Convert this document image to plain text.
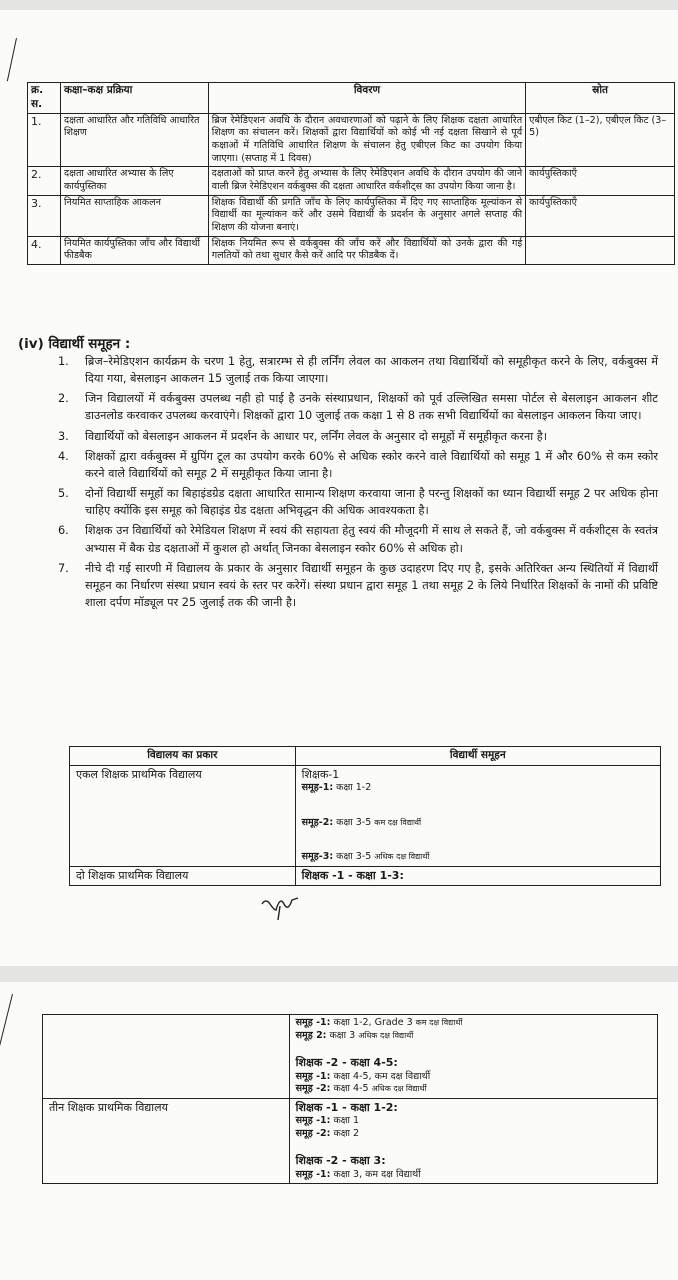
क्र. स.	कक्षा–कक्ष प्रक्रिया	विवरण	स्रोत
1.	दक्षता आधारित और गतिविधि आधारित शिक्षण	ब्रिज रेमेडिएशन अवधि के दौरान अवधारणाओं को पढ़ाने के लिए शिक्षक दक्षता आधारित शिक्षण का संचालन करें। शिक्षकों द्वारा विद्यार्थियों को कोई भी नई दक्षता सिखाने से पूर्व कक्षाओं में गतिविधि आधारित शिक्षण के संचालन हेतु एबीएल किट का उपयोग किया जाएगा। (सप्ताह में 1 दिवस)	एबीएल किट (1–2), एबीएल किट (3–5)
2.	दक्षता आधारित अभ्यास के लिए कार्यपुस्तिका	दक्षताओं को प्राप्त करने हेतु अभ्यास के लिए रेमेडिएशन अवधि के दौरान उपयोग की जाने वाली ब्रिज रेमेडिएशन वर्कबुक्स की दक्षता आधारित वर्कशीट्स का उपयोग किया जाना है।	कार्यपुस्तिकाएँ
3.	नियमित साप्ताहिक आकलन	शिक्षक विद्यार्थी की प्रगति जाँच के लिए कार्यपुस्तिका में दिए गए साप्ताहिक मूल्यांकन से विद्यार्थी का मूल्यांकन करें और उसमे विद्यार्थी के प्रदर्शन के अनुसार अगले सप्ताह की शिक्षण की योजना बनाएं।	कार्यपुस्तिकाएँ
4.	नियमित कार्यपुस्तिका जाँच और विद्यार्थी फीडबैक	शिक्षक नियमित रूप से वर्कबुक्स की जाँच करें और विद्यार्थियों को उनके द्वारा की गई गलतियों को तथा सुधार कैसे करें आदि पर फीडबैक दें।	
(iv) विद्यार्थी समूहन :
1.	ब्रिज–रेमेडिएशन कार्यक्रम के चरण 1 हेतु, सत्रारम्भ से ही लर्निंग लेवल का आकलन तथा विद्यार्थियों को समूहीकृत करने के लिए, वर्कबुक्स में दिया गया, बेसलाइन आकलन 15 जुलाई तक किया जाएगा।
2.	जिन विद्यालयों में वर्कबुक्स उपलब्ध नही हो पाई है उनके संस्थाप्रधान, शिक्षकों को पूर्व उल्लिखित समसा पोर्टल से बेसलाइन आकलन शीट डाउनलोड करवाकर उपलब्ध करवाएंगे। शिक्षकों द्वारा 10 जुलाई तक कक्षा 1 से 8 तक सभी विद्यार्थियों का बेसलाइन आकलन किया जाए।
3.	विद्यार्थियों को बेसलाइन आकलन में प्रदर्शन के आधार पर, लर्निंग लेवल के अनुसार दो समूहों में समूहीकृत करना है।
4.	शिक्षकों द्वारा वर्कबुक्स में ग्रुपिंग टूल का उपयोग करके 60% से अधिक स्कोर करने वाले विद्यार्थियों को समूह 1 में और 60% से कम स्कोर करने वाले विद्यार्थियों को समूह 2 में समूहीकृत किया जाना है।
5.	दोनों विद्यार्थी समूहों का बिहाइंडग्रेड दक्षता आधारित सामान्य शिक्षण करवाया जाना है परन्तु शिक्षकों का ध्यान विद्यार्थी समूह 2 पर अधिक होना चाहिए क्योंकि इस समूह को बिहाइंड ग्रेड दक्षता अभिवृद्धन की अधिक आवश्यकता है।
6.	शिक्षक उन विद्यार्थियों को रेमेडियल शिक्षण में स्वयं की सहायता हेतु स्वयं की मौजूदगी में साथ ले सकते हैं, जो वर्कबुक्स में वर्कशीट्स के स्वतंत्र अभ्यास में बैक ग्रेड दक्षताओं में कुशल हो अर्थात् जिनका बेसलाइन स्कोर 60% से अधिक हो।
7.	नीचे दी गई सारणी में विद्यालय के प्रकार के अनुसार विद्यार्थी समूहन के कुछ उदाहरण दिए गए है, इसके अतिरिक्त अन्य स्थितियों में विद्यार्थी समूहन का निर्धारण संस्था प्रधान स्वयं के स्तर पर करेगें। संस्था प्रधान द्वारा समूह 1 तथा समूह 2 के लिये निर्धारित शिक्षकों के नामों की प्रविष्टि शाला दर्पण मॉड्यूल पर 25 जुलाई तक की जानी है।
विद्यालय का प्रकार	विद्यार्थी समूहन
एकल शिक्षक प्राथमिक विद्यालय	शिक्षक-1
समूह-1: कक्षा 1-2
समूह-2: कक्षा 3-5 कम दक्ष विद्यार्थी
समूह-3: कक्षा 3-5 अधिक दक्ष विद्यार्थी

दो शिक्षक प्राथमिक विद्यालय	शिक्षक -1 - कक्षा 1-3:

	समूह -1: कक्षा 1-2, Grade 3 कम दक्ष विद्यार्थी
समूह 2: कक्षा 3 अधिक दक्ष विद्यार्थी
शिक्षक -2 - कक्षा 4-5:
समूह -1: कक्षा 4-5, कम दक्ष विद्यार्थी
समूह -2: कक्षा 4-5 अधिक दक्ष विद्यार्थी

तीन शिक्षक प्राथमिक विद्यालय	शिक्षक -1 - कक्षा 1-2:
समूह -1: कक्षा 1
समूह -2: कक्षा 2
शिक्षक -2 - कक्षा 3:
समूह -1: कक्षा 3, कम दक्ष विद्यार्थी
